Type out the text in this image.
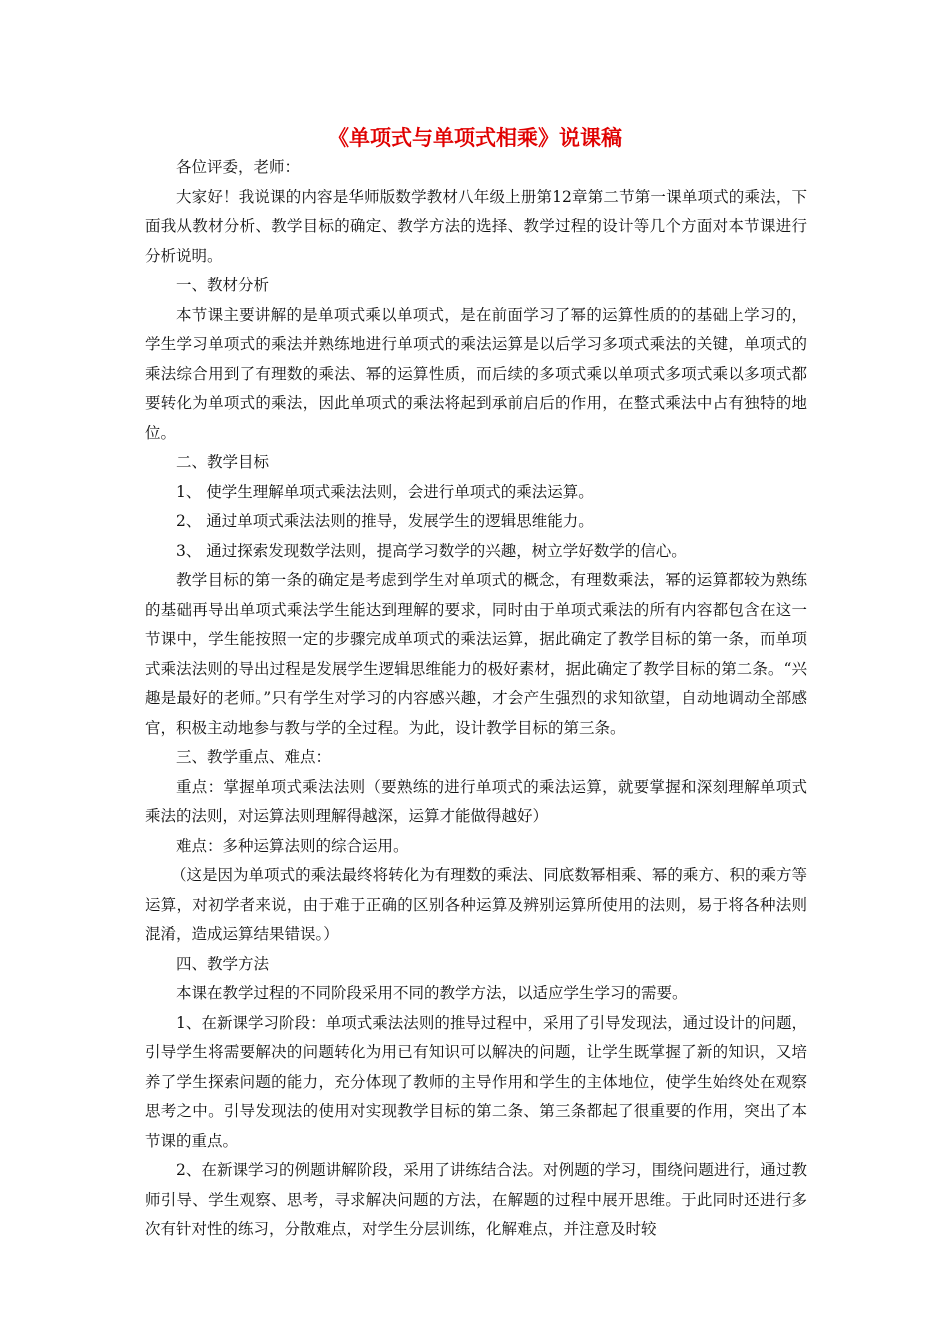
《单项式与单项式相乘》说课稿

各位评委，老师：

大家好！我说课的内容是华师版数学教材八年级上册第12章第二节第一课单项式的乘法，下面我从教材分析、教学目标的确定、教学方法的选择、教学过程的设计等几个方面对本节课进行分析说明。

一、教材分析

本节课主要讲解的是单项式乘以单项式，是在前面学习了幂的运算性质的的基础上学习的，学生学习单项式的乘法并熟练地进行单项式的乘法运算是以后学习多项式乘法的关键，单项式的乘法综合用到了有理数的乘法、幂的运算性质，而后续的多项式乘以单项式多项式乘以多项式都要转化为单项式的乘法，因此单项式的乘法将起到承前启后的作用，在整式乘法中占有独特的地位。

二、教学目标

1、 使学生理解单项式乘法法则，会进行单项式的乘法运算。

2、 通过单项式乘法法则的推导，发展学生的逻辑思维能力。

3、 通过探索发现数学法则，提高学习数学的兴趣，树立学好数学的信心。

教学目标的第一条的确定是考虑到学生对单项式的概念，有理数乘法，幂的运算都较为熟练的基础再导出单项式乘法学生能达到理解的要求，同时由于单项式乘法的所有内容都包含在这一节课中，学生能按照一定的步骤完成单项式的乘法运算，据此确定了教学目标的第一条，而单项式乘法法则的导出过程是发展学生逻辑思维能力的极好素材，据此确定了教学目标的第二条。“兴趣是最好的老师。”只有学生对学习的内容感兴趣，才会产生强烈的求知欲望，自动地调动全部感官，积极主动地参与教与学的全过程。为此，设计教学目标的第三条。

三、教学重点、难点：

重点：掌握单项式乘法法则（要熟练的进行单项式的乘法运算，就要掌握和深刻理解单项式乘法的法则，对运算法则理解得越深，运算才能做得越好）

难点：多种运算法则的综合运用。

（这是因为单项式的乘法最终将转化为有理数的乘法、同底数幂相乘、幂的乘方、积的乘方等运算，对初学者来说，由于难于正确的区别各种运算及辨别运算所使用的法则，易于将各种法则混淆，造成运算结果错误。）

四、教学方法

本课在教学过程的不同阶段采用不同的教学方法，以适应学生学习的需要。

1、在新课学习阶段：单项式乘法法则的推导过程中，采用了引导发现法，通过设计的问题，引导学生将需要解决的问题转化为用已有知识可以解决的问题，让学生既掌握了新的知识，又培养了学生探索问题的能力，充分体现了教师的主导作用和学生的主体地位，使学生始终处在观察思考之中。引导发现法的使用对实现教学目标的第二条、第三条都起了很重要的作用，突出了本节课的重点。

2、在新课学习的例题讲解阶段，采用了讲练结合法。对例题的学习，围绕问题进行，通过教师引导、学生观察、思考，寻求解决问题的方法，在解题的过程中展开思维。于此同时还进行多次有针对性的练习，分散难点，对学生分层训练，化解难点，并注意及时较
